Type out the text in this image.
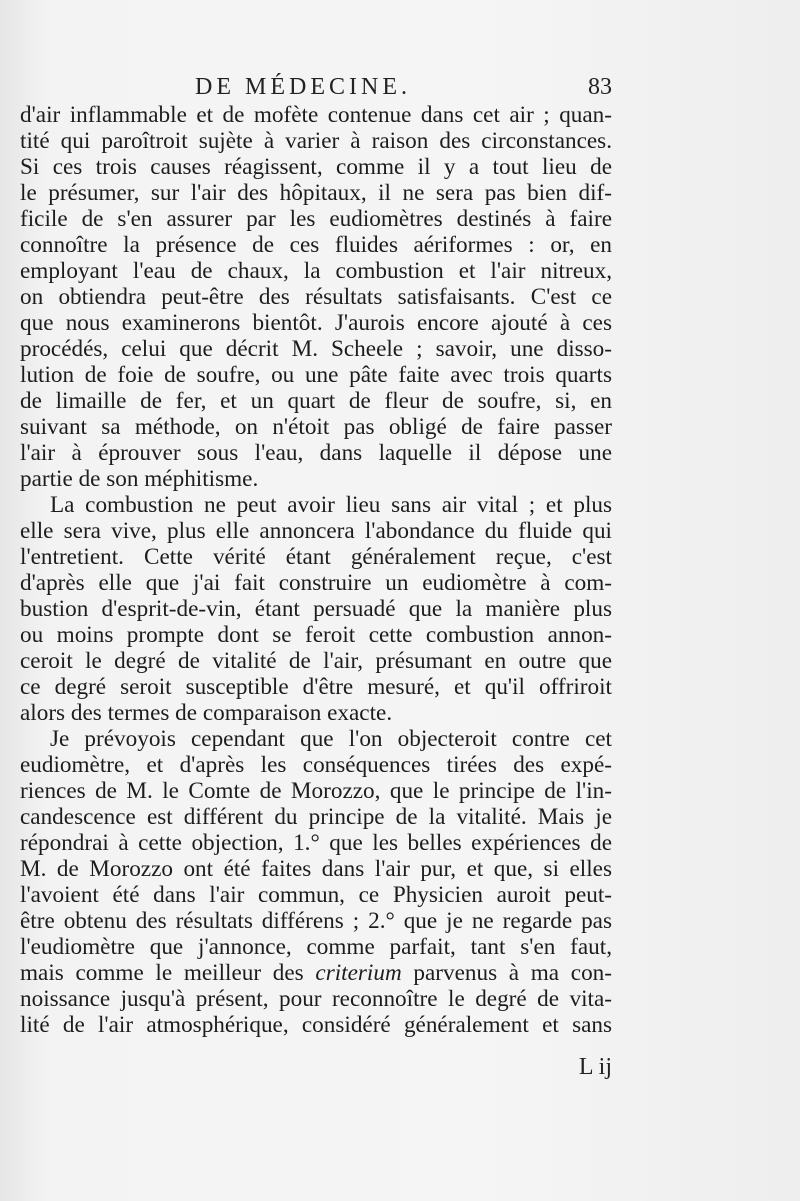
DE MÉDECINE.	83
d'air inflammable et de mofète contenue dans cet air ; quan-
tité qui paroîtroit sujète à varier à raison des circonstances.
Si ces trois causes réagissent, comme il y a tout lieu de
le présumer, sur l'air des hôpitaux, il ne sera pas bien dif-
ficile de s'en assurer par les eudiomètres destinés à faire
connoître la présence de ces fluides aériformes : or, en
employant l'eau de chaux, la combustion et l'air nitreux,
on obtiendra peut-être des résultats satisfaisants. C'est ce
que nous examinerons bientôt. J'aurois encore ajouté à ces
procédés, celui que décrit M. Scheele ; savoir, une disso-
lution de foie de soufre, ou une pâte faite avec trois quarts
de limaille de fer, et un quart de fleur de soufre, si, en
suivant sa méthode, on n'étoit pas obligé de faire passer
l'air à éprouver sous l'eau, dans laquelle il dépose une
partie de son méphitisme.
La combustion ne peut avoir lieu sans air vital ; et plus
elle sera vive, plus elle annoncera l'abondance du fluide qui
l'entretient. Cette vérité étant généralement reçue, c'est
d'après elle que j'ai fait construire un eudiomètre à com-
bustion d'esprit-de-vin, étant persuadé que la manière plus
ou moins prompte dont se feroit cette combustion annon-
ceroit le degré de vitalité de l'air, présumant en outre que
ce degré seroit susceptible d'être mesuré, et qu'il offriroit
alors des termes de comparaison exacte.
Je prévoyois cependant que l'on objecteroit contre cet
eudiomètre, et d'après les conséquences tirées des expé-
riences de M. le Comte de Morozzo, que le principe de l'in-
candescence est différent du principe de la vitalité. Mais je
répondrai à cette objection, 1.° que les belles expériences de
M. de Morozzo ont été faites dans l'air pur, et que, si elles
l'avoient été dans l'air commun, ce Physicien auroit peut-
être obtenu des résultats différens ; 2.° que je ne regarde pas
l'eudiomètre que j'annonce, comme parfait, tant s'en faut,
mais comme le meilleur des criterium parvenus à ma con-
noissance jusqu'à présent, pour reconnoître le degré de vita-
lité de l'air atmosphérique, considéré généralement et sans
L ij
